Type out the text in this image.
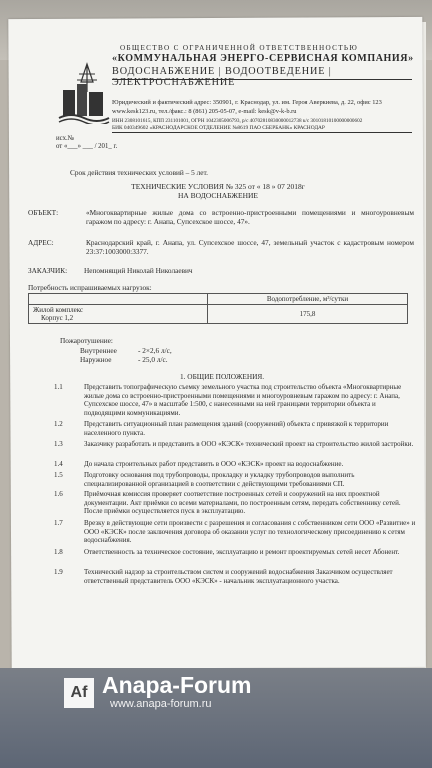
ОБЩЕСТВО С ОГРАНИЧЕННОЙ ОТВЕТСТВЕННОСТЬЮ
«КОММУНАЛЬНАЯ ЭНЕРГО-СЕРВИСНАЯ КОМПАНИЯ»
ВОДОСНАБЖЕНИЕ | ВОДООТВЕДЕНИЕ | ЭЛЕКТРОСНАБЖЕНИЕ
Юридический и фактический адрес: 350901, г. Краснодар, ул. им. Героя Аверкиева, д. 22, офис 123
www.kesk123.ru, тел./факс.: 8 (861) 205-05-07, e-mail: kesk@v-k-b.ru
ИНН 2308101615, КПП 231101001, ОГРН 1042305006793, р/с 40702810830000012738 к/с 30101810100000000602
БИК 040349602 «КРАСНОДАРСКОЕ ОТДЕЛЕНИЕ №8619 ПАО СБЕРБАНК» КРАСНОДАР
исх.№
от «___» ___ / 201_ г.
Срок действия технических условий – 5 лет.
ТЕХНИЧЕСКИЕ УСЛОВИЯ № 325 от « 18 » 07 2018г
НА ВОДОСНАБЖЕНИЕ
ОБЪЕКТ:	«Многоквартирные жилые дома со встроенно-пристроенными помещениями и многоуровневым гаражом по адресу: г. Анапа, Супсехское шоссе, 47».
АДРЕС:	Краснодарский край, г. Анапа, ул. Супсехское шоссе, 47, земельный участок с кадастровым номером 23:37:1003000:3377.
ЗАКАЗЧИК: Непомнящий Николай Николаевич
Потребность испрашиваемых нагрузок:
	Водопотребление, м³/сутки

Жилой комплекс
Корпус 1,2	175,8
Пожаротушение:
Внутреннее	- 2×2,6 л/с,
Наружное	- 25,0 л/с.
1. ОБЩИЕ ПОЛОЖЕНИЯ.
1.1	Представить топографическую съемку земельного участка под строительство объекта «Многоквартирные жилые дома со встроенно-пристроенными помещениями и многоуровневым гаражом по адресу: г. Анапа, Супсехское шоссе, 47» в масштабе 1:500, с нанесенными на ней границами территории объекта и подводящими коммуникациями.
1.2	Представить ситуационный план размещения зданий (сооружений) объекта с привязкой к территории населенного пункта.
1.3	Заказчику разработать и представить в ООО «КЭСК» технический проект на строительство жилой застройки.
1.4	До начала строительных работ представить в ООО «КЭСК» проект на водоснабжение.
1.5	Подготовку основания под трубопроводы, прокладку и укладку трубопроводов выполнить специализированной организацией в соответствии с действующими требованиями СП.
1.6	Приёмочная комиссия проверяет соответствие построенных сетей и сооружений на них проектной документации. Акт приёмки со всеми материалами, по построенным сетям, передать собственнику сетей. После приёмки осуществляется пуск в эксплуатацию.
1.7	Врезку в действующие сети произвести с разрешения и согласования с собственником сети ООО «Развитие» и ООО «КЭСК» после заключения договора об оказании услуг по технологическому присоединению к сетям водоснабжения.
1.8	Ответственность за техническое состояние, эксплуатацию и ремонт проектируемых сетей несет Абонент.
1.9	Технический надзор за строительством систем и сооружений водоснабжения Заказчиком осуществляет ответственный представитель ООО «КЭСК» - начальник эксплуатационного участка.
Af Anapa-Forum
www.anapa-forum.ru
